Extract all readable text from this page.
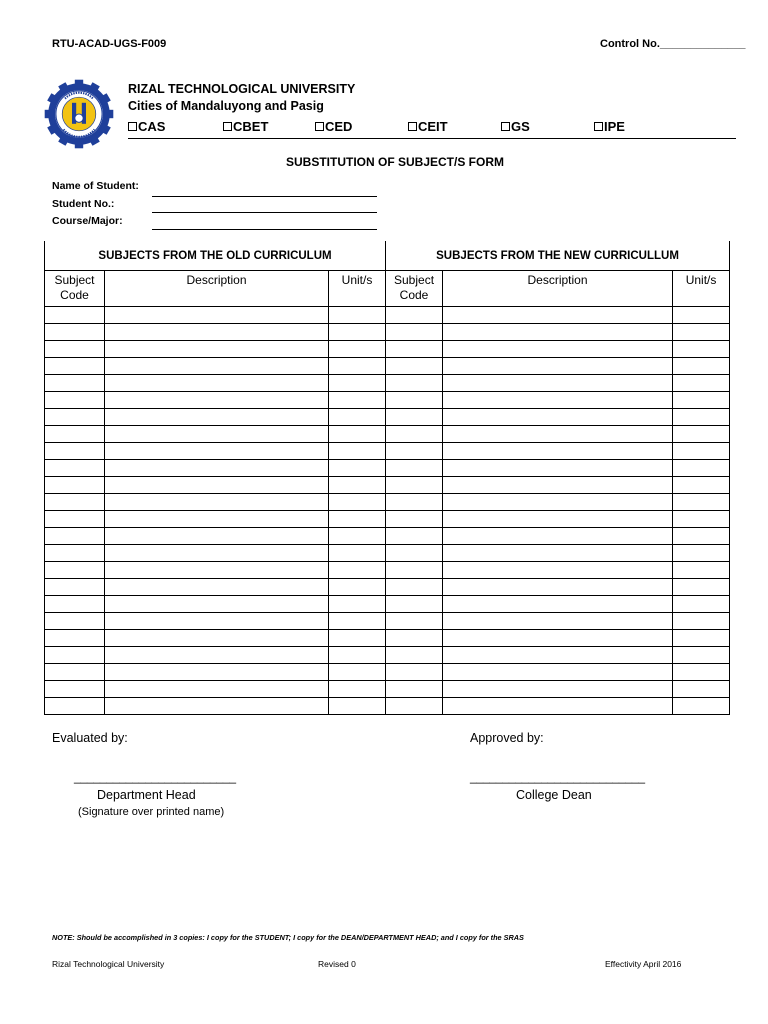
RTU-ACAD-UGS-F009	Control No.______________
RIZAL TECHNOLOGICAL UNIVERSITY
Cities of Mandaluyong and Pasig
CAS	CBET	CED	CEIT	GS	IPE
SUBSTITUTION OF SUBJECT/S FORM
Name of Student:
Student No.:
Course/Major:
SUBJECTS FROM THE OLD CURRICULUM			SUBJECTS FROM THE NEW CURRICULLUM		
Subject Code	Description	Unit/s	Subject Code	Description	Unit/s

Evaluated by:
_________________________
Department Head
(Signature over printed name)
Approved by:
___________________________
College Dean
NOTE: Should be accomplished in 3 copies: I copy for the STUDENT; I copy for the DEAN/DEPARTMENT HEAD; and I copy for the SRAS
Rizal Technological University	Revised 0	Effectivity April 2016
